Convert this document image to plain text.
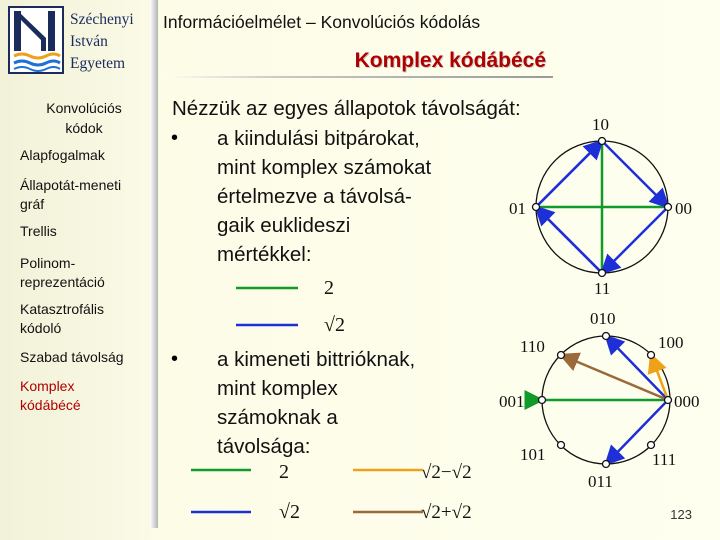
Széchenyi
István
Egyetem
Információelmélet – Konvolúciós kódolás
Komplex kódábécé
Konvolúciós
kódok
Alapfogalmak
Állapotát-meneti
gráf
Trellis
Polinom-
reprezentáció
Katasztrofális
kódoló
Szabad távolság
Komplex
kódábécé
Nézzük az egyes állapotok távolságát:
• a kiindulási bitpárokat,
mint komplex számokat
értelmezve a távolsá-
gaik euklideszi
mértékkel:
• a kimeneti bittrióknak,
mint komplex
számoknak a
távolsága:
2
√2
2
√2
√2−√2
√2+√2
10
01	00
11
010
100
000
111
011
101
001
110
123
